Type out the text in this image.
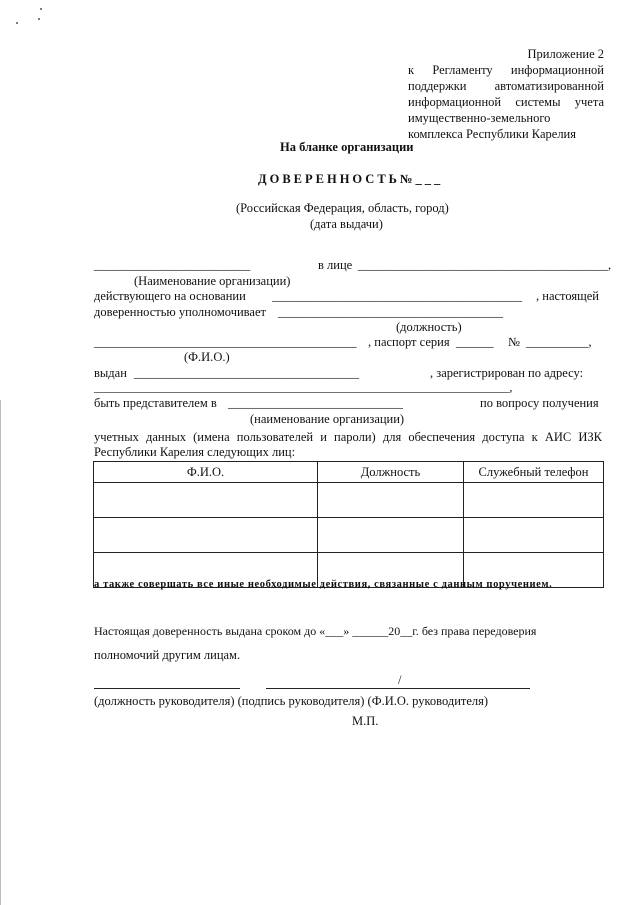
Приложение 2
к Регламенту информационной
поддержки автоматизированной
информационной системы учета
имущественно-земельного
комплекса Республики Карелия
На бланке организации
ДОВЕРЕННОСТЬ№___
(Российская Федерация, область, город)
(дата выдачи)
_________________________	в лице ________________________________________,
(Наименование организации)
действующего на основании ________________________________________ , настоящей
доверенностью уполномочивает ____________________________________
(должность)
__________________________________________ , паспорт серия ______ № __________,
(Ф.И.О.)
выдан ____________________________________	, зарегистрирован по адресу:
_______________________________________________________________________,
быть представителем в ____________________________	по вопросу получения
(наименование организации)
учетных данных (имена пользователей и пароли) для обеспечения доступа к АИС ИЗК Республики Карелия следующих лиц:
Ф.И.О.	Должность	Служебный телефон

а также совершать все иные необходимые действия, связанные с данным поручением.
Настоящая доверенность выдана сроком до «___» ______20__г. без права передоверия
полномочий другим лицам.
/
(должность руководителя) (подпись руководителя) (Ф.И.О. руководителя)
М.П.
